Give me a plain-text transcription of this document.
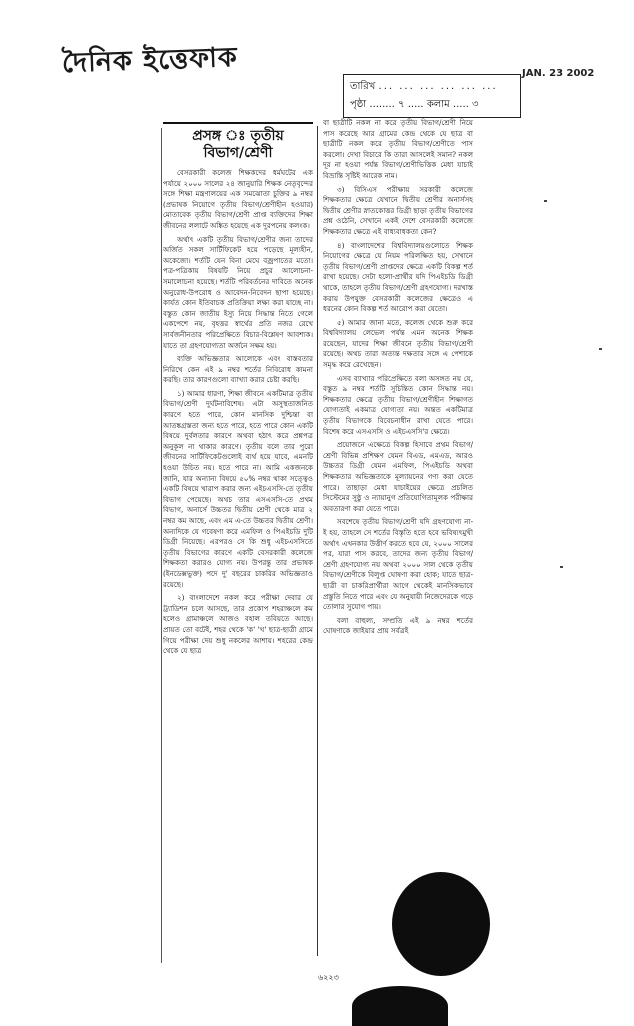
দৈনিক ইত্তেফাক
তারিখ ... ... ... ... ... ...
পৃষ্ঠা ........ ৭ ..... কলাম ..... ৩
JAN. 23 2002
প্রসঙ্গ ঃ তৃতীয়
বিভাগ/শ্রেণী

বেসরকারী কলেজ শিক্ষকদের ধর্মঘটের এক পর্যায়ে ২০০০ সালের ২৪ জানুয়ারি শিক্ষক নেতৃবৃন্দের সঙ্গে শিক্ষা মন্ত্রণালয়ের এক সমঝোতা চুক্তির ৯ নম্বর (প্রভাষক নিয়োগে তৃতীয় বিভাগ/শ্রেণীহীন হওয়ার) মোতাবেক তৃতীয় বিভাগ/শ্রেণী প্রাপ্ত ব্যক্তিদের শিক্ষা জীবনের ললাটে অঙ্কিত হয়েছে এক দুরপনেয় কলংক।

অর্থাৎ একটি তৃতীয় বিভাগ/শ্রেণীর জন্য তাদের অর্জিত সকল সার্টিফিকেট হয়ে পড়েছে মূল্যহীন, অকেজো। শর্তটি যেন বিনা মেঘে বজ্রপাতের মতো। পত্র-পত্রিকায় বিষয়টি নিয়ে প্রচুর আলোচনা-সমালোচনা হয়েছে। শর্তটি পরিবর্তনের দাবিতে অনেক অনুরোধ-উপরোধ ও আবেদন-নিবেদন ছাপা হয়েছে। কার্যত কোন ইতিবাচক প্রতিক্রিয়া লক্ষ্য করা যাচ্ছে না। বস্তুত কোন জাতীয় ইস্যু নিয়ে সিদ্ধান্ত নিতে গেলে একপেশে নয়, বৃহত্তর স্বার্থের প্রতি নজর রেখে সার্বজনীনতার পরিপ্রেক্ষিতে বিচার-বিশ্লেষণ আবশ্যক। যাতে তা গ্রহণযোগ্যতা অর্জনে সক্ষম হয়।

ব্যক্তি অভিজ্ঞতার আলোকে এবং বাস্তবতার নিরিখে কেন এই ৯ নম্বর শর্তের নিবিরোধ কামনা করছি। তার কারণগুলো ব্যাখ্যা করার চেষ্টা করছি।

১) আমার ধারণা, শিক্ষা জীবনে একটিমাত্র তৃতীয় বিভাগ/শ্রেণী দুর্ঘটনাবিশেষ। এটা অসুস্থতাজনিত কারণে হতে পারে, কোন মানসিক দুশ্চিন্তা বা আতঙ্কগ্রস্ততা জন্য হতে পারে, হতে পারে কোন একটি বিষয়ে দুর্বলতার কারণে অথবা হঠাৎ করে প্রশ্নপত্র অনুকূল না থাকার কারণে। তৃতীয় বলে তার পুরো জীবনের সার্টিফিকেটগুলোই ব্যর্থ হয়ে যাবে, এমনটি হওয়া উচিত নয়। হতে পারে না। আমি একজনকে জানি, যার অন্যান্য বিষয়ে ৫০% নম্বর থাকা সত্ত্বেও একটি বিষয়ে খারাপ করার জন্য এইচএসসি-তে তৃতীয় বিভাগ পেয়েছে। অথচ তার এসএসসি-তে প্রথম বিভাগ, অনার্সে উচ্চতর দ্বিতীয় শ্রেণী থেকে মাত্র ২ নম্বর কম আছে, এবং এম এ-তে উচ্চতর দ্বিতীয় শ্রেণী। অন্যদিকে যে গবেষণা করে এমফিল ও পিএইচডি দুটি ডিগ্রী নিয়েছে। এরপরও সে কি শুধু এইচএসসিতে তৃতীয় বিভাগের কারণে একটি বেসরকারী কলেজে শিক্ষকতা করারও যোগ্য নয়। উপরন্তু তার প্রভাষক (ইনডেক্সভুক্ত) পদে দু' বছরের চাকরির অভিজ্ঞতাও রয়েছে।

২) বাংলাদেশে নকল করে পরীক্ষা দেবার যে ট্র্যাডিশন চলে আসছে, তার প্রকোপ শহরাঞ্চলে কম হলেও গ্রামাঞ্চলে আজও বহাল তবিয়তে আছে। প্রায়ত তো বটেই, শহর থেকে 'ক' 'খ' ছাত্র-ছাত্রী গ্রামে গিয়ে পরীক্ষা দেয় শুধু নকলের আশায়। শহরের কেন্দ্র থেকে যে ছাত্র

বা ছাত্রীটি নকল না করে তৃতীয় বিভাগ/শ্রেণী নিয়ে পাস করেছে আর গ্রামের কেন্দ্র থেকে যে ছাত্র বা ছাত্রীটি নকল করে তৃতীয় বিভাগ/শ্রেণীতে পাস করলো। দেখা বিচারে কি তারা আসলেই সমান? নকল দূর না হওয়া পর্যন্ত বিভাগ/শ্রেণীভিত্তিক মেধা যাচাই বিভ্রান্তি সৃষ্টিই আরেক নাম।

৩) বিসিএস পরীক্ষায় সরকারী কলেজে শিক্ষকতার ক্ষেত্রে যেখানে দ্বিতীয় শ্রেণীর অনার্সসহ দ্বিতীয় শ্রেণীর স্নাতকোত্তর ডিগ্রী ছাড়া তৃতীয় বিভাগের প্রশ্ন ওঠেনি, সেখানে একই দেশে বেসরকারী কলেজে শিক্ষকতার ক্ষেত্রে এই বাধ্যবাধকতা কেন?

৪) বাংলাদেশের বিশ্ববিদ্যালয়গুলোতে শিক্ষক নিয়োগের ক্ষেত্রে যে নিয়ম পরিলক্ষিত হয়, সেখানে তৃতীয় বিভাগ/শ্রেণী প্রাপ্তদের ক্ষেত্রে একটি বিকল্প শর্ত রাখা হয়েছে। সেটা হলো-প্রার্থীর যদি পিএইচডি ডিগ্রী থাকে, তাহলে তৃতীয় বিভাগ/শ্রেণী গ্রহণযোগ্য। দরখাস্ত করায় উপযুক্ত বেসরকারী কলেজের ক্ষেত্রেও এ ধরনের কোন বিকল্প শর্ত আরোপ করা যেতো।

৫) আমার জানা মতে, কলেজ থেকে শুরু করে বিশ্ববিদ্যালয় লেভেল পর্যন্ত এমন অনেক শিক্ষক রয়েছেন, যাদের শিক্ষা জীবনে তৃতীয় বিভাগ/শ্রেণী রয়েছে। অথচ তারা অত্যন্ত দক্ষতার সঙ্গে এ পেশাকে সমৃদ্ধ করে রেখেছেন।

এসব ব্যাখ্যার পরিপ্রেক্ষিতে বলা অসঙ্গত নয় যে, বস্তুত ৯ নম্বর শর্তটি সুচিন্তিত কোন সিদ্ধান্ত নয়। শিক্ষকতার ক্ষেত্রে তৃতীয় বিভাগ/শ্রেণীহীন শিক্ষাগত যোগ্যতাই একমাত্র যোগ্যতা নয়। অন্তত একটিমাত্র তৃতীয় বিভাগকে বিবেচনাধীন রাখা যেতে পারে। বিশেষ করে এসএসসি ও এইচএসসি'র ক্ষেত্রে।

প্রয়োজনে এক্ষেত্রে বিকল্প হিসাবে প্রথম বিভাগ/শ্রেণী বিভিন্ন প্রশিক্ষণ যেমন বিএড, এমএড, আরও উচ্চতর ডিগ্রী যেমন এমফিল, পিএইচডি অথবা শিক্ষকতার অভিজ্ঞতাকে মূল্যায়নের গণ্য করা যেতে পারে। তাছাড়া মেধা যাচাইয়ের ক্ষেত্রে প্রচলিত সিস্টেমের সুষ্ঠু ও ন্যায়ানুগ প্রতিযোগিতামূলক পরীক্ষার অবতারণা করা যেতে পারে।

সবশেষে তৃতীয় বিভাগ/শ্রেণী যদি গ্রহণযোগ্য না-ই হয়, তাহলে সে শর্তের বিস্তৃতি হতে হবে ভবিষ্যৎমুখী অর্থাৎ এখনকার উত্তীর্ণ করতে হবে যে, ২০০০ সালের পর, যারা পাস করবে, তাদের জন্য তৃতীয় বিভাগ/শ্রেণী গ্রহণযোগ্য নয় অথবা ২০০০ সাল থেকে তৃতীয় বিভাগ/শ্রেণীকে বিলুপ্ত ঘোষণা করা হোক; যাতে ছাত্র-ছাত্রী বা চাকরিপ্রার্থীরা আগে থেকেই মানসিকভাবে প্রস্তুতি নিতে পারে এবং যে অনুযায়ী নিজেদেরকে গড়ে তোলার সুযোগ পায়।

বলা বাহুল্য, সম্প্রতি এই ৯ নম্বর শর্তের ঘোষণাকে জাইয়ার প্রায় সর্বত্রই

৬২২৩
